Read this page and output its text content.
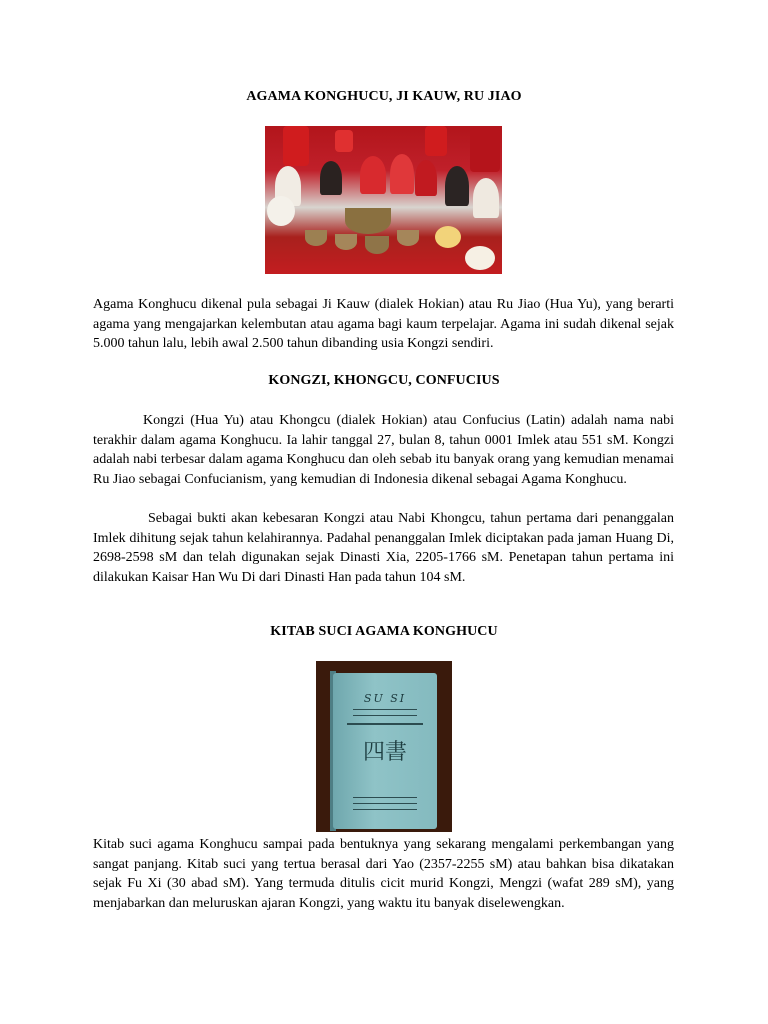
AGAMA KONGHUCU, JI KAUW, RU JIAO

Agama Konghucu dikenal pula sebagai Ji Kauw (dialek Hokian) atau Ru Jiao (Hua Yu), yang berarti agama yang mengajarkan kelembutan atau agama bagi kaum terpelajar. Agama ini sudah dikenal sejak 5.000 tahun lalu, lebih awal 2.500 tahun dibanding usia Kongzi sendiri.

KONGZI, KHONGCU, CONFUCIUS

Kongzi (Hua Yu) atau Khongcu (dialek Hokian) atau Confucius (Latin) adalah nama nabi terakhir dalam agama Konghucu. Ia lahir tanggal 27, bulan 8, tahun 0001 Imlek atau 551 sM. Kongzi adalah nabi terbesar dalam agama Konghucu dan oleh sebab itu banyak orang yang kemudian menamai Ru Jiao sebagai Confucianism, yang kemudian di Indonesia dikenal sebagai Agama Konghucu.

Sebagai bukti akan kebesaran Kongzi atau Nabi Khongcu, tahun pertama dari penanggalan Imlek dihitung sejak tahun kelahirannya. Padahal penanggalan Imlek diciptakan pada jaman Huang Di, 2698-2598 sM dan telah digunakan sejak Dinasti Xia, 2205-1766 sM. Penetapan tahun pertama ini dilakukan Kaisar Han Wu Di dari Dinasti Han pada tahun 104 sM.

KITAB SUCI AGAMA KONGHUCU
SU SI
四書

Kitab suci agama Konghucu sampai pada bentuknya yang sekarang mengalami perkembangan yang sangat panjang. Kitab suci yang tertua berasal dari Yao (2357-2255 sM) atau bahkan bisa dikatakan sejak Fu Xi (30 abad sM). Yang termuda ditulis cicit murid Kongzi, Mengzi (wafat 289 sM), yang menjabarkan dan meluruskan ajaran Kongzi, yang waktu itu banyak diselewengkan.
